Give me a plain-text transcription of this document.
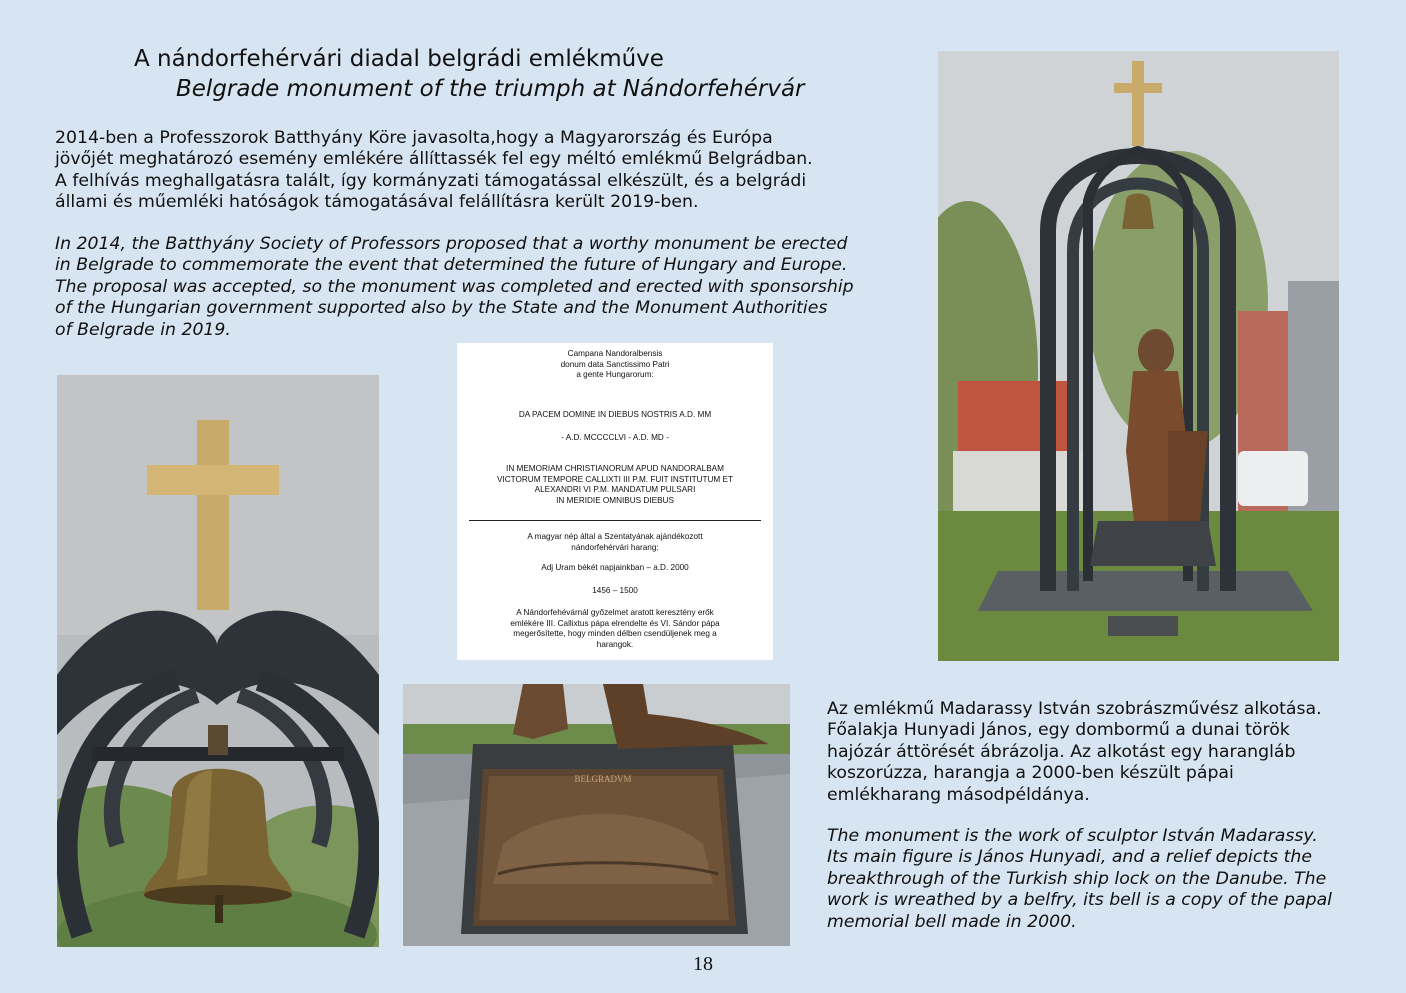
A nándorfehérvári diadal belgrádi emlékműve
Belgrade monument of the triumph at Nándorfehérvár

2014-ben a Professzorok Batthyány Köre javasolta,hogy a Magyarország és Európa
jövőjét meghatározó esemény emlékére állíttassék fel egy méltó emlékmű Belgrádban.
A felhívás meghallgatásra talált, így kormányzati támogatással elkészült, és a belgrádi
állami és műemléki hatóságok támogatásával felállításra került 2019-ben.

In 2014, the Batthyány Society of Professors proposed that a worthy monument be erected
in Belgrade to commemorate the event that determined the future of Hungary and Europe.
The proposal was accepted, so the monument was completed and erected with sponsorship
of the Hungarian government supported also by the State and the Monument Authorities
of Belgrade in 2019.

Campana Nandoralbensis
donum data Sanctissimo Patri
a gente Hungarorum:
DA PACEM DOMINE IN DIEBUS NOSTRIS A.D. MM
- A.D. MCCCCLVI - A.D. MD -
IN MEMORIAM CHRISTIANORUM APUD NANDORALBAM
VICTORUM TEMPORE CALLIXTI III P.M. FUIT INSTITUTUM ET
ALEXANDRI VI P.M. MANDATUM PULSARI
IN MERIDIE OMNIBUS DIEBUS
A magyar nép által a Szentatyának ajándékozott
nándorfehérvári harang:
Adj Uram békét napjainkban – a.D. 2000
1456 – 1500
A Nándorfehévárnál győzelmet aratott keresztény erők
emlékére III. Callixtus pápa elrendelte és VI. Sándor pápa
megerősítette, hogy minden délben csendüljenek meg a
harangok.
BELGRADVM

Az emlékmű Madarassy István szobrászművész alkotása.
Főalakja Hunyadi János, egy dombormű a dunai török
hajózár áttörését ábrázolja. Az alkotást egy harangláb
koszorúzza, harangja a 2000-ben készült pápai
emlékharang másodpéldánya.

The monument is the work of sculptor István Madarassy.
Its main figure is János Hunyadi, and a relief depicts the
breakthrough of the Turkish ship lock on the Danube. The
work is wreathed by a belfry, its bell is a copy of the papal
memorial bell made in 2000.

18
